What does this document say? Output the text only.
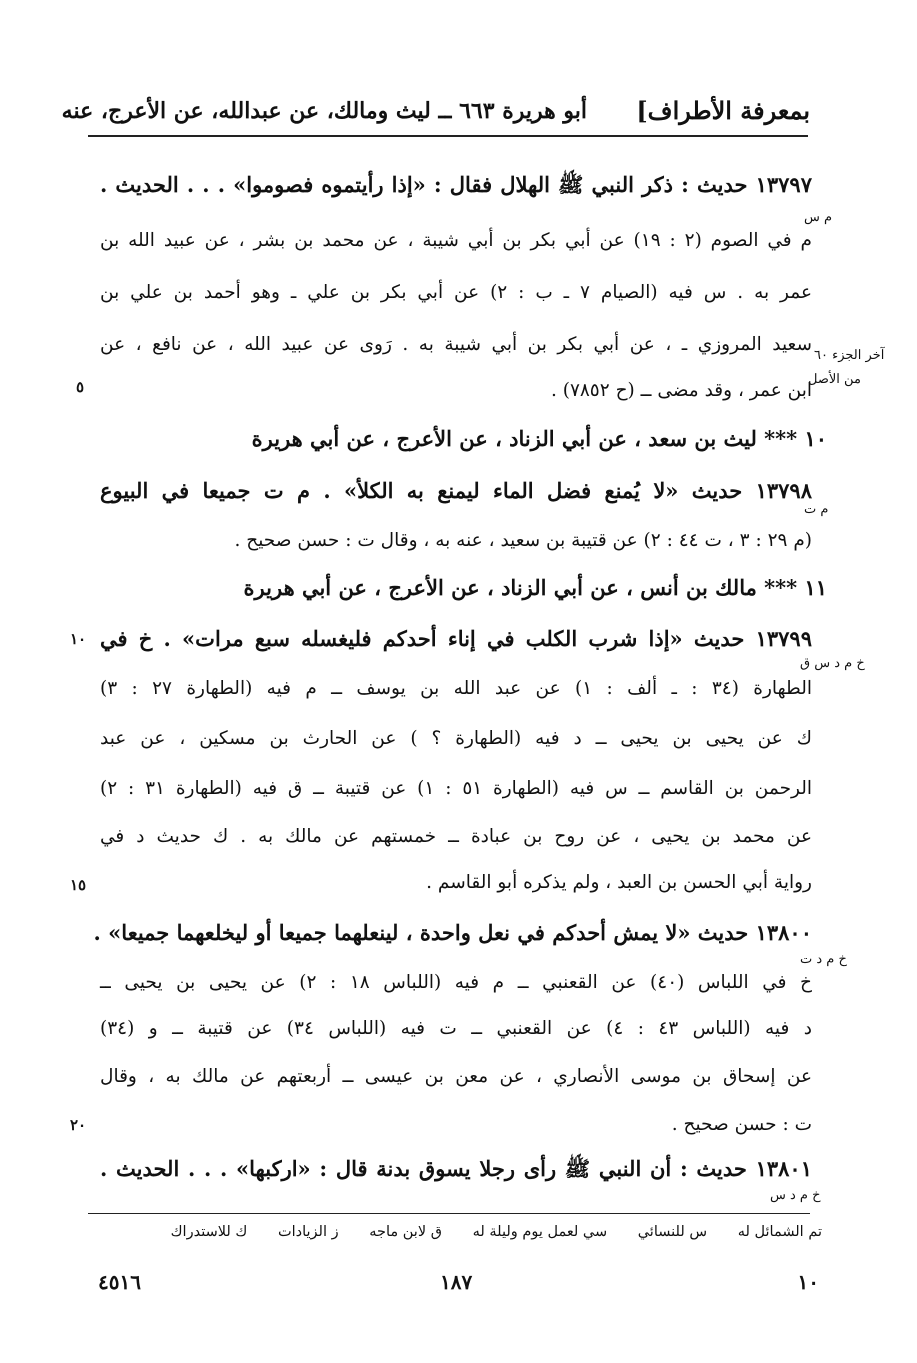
بمعرفة الأطراف]
أبو هريرة ٦٦٣ ــ ليث ومالك، عن عبدالله، عن الأعرج، عنه
١٣٧٩٧ حديث : ذكر النبي ﷺ الهلال فقال : «إذا رأيتموه فصوموا» . . . الحديث .
م في الصوم (٢ : ١٩) عن أبي بكر بن أبي شيبة ، عن محمد بن بشر ، عن عبيد الله بن
عمر به . س فيه (الصيام ٧ ـ ب : ٢) عن أبي بكر بن علي ـ وهو أحمد بن علي بن
سعيد المروزي ـ ، عن أبي بكر بن أبي شيبة به . رَوى عن عبيد الله ، عن نافع ، عن
ابن عمر ، وقد مضى ــ (ح ٧٨٥٢) .
١٠ *** ليث بن سعد ، عن أبي الزناد ، عن الأعرج ، عن أبي هريرة
١٣٧٩٨ حديث «لا يُمنع فضل الماء ليمنع به الكلأ» . م ت جميعا في البيوع
(م ٢٩ : ٣ ، ت ٤٤ : ٢) عن قتيبة بن سعيد ، عنه به ، وقال ت : حسن صحيح .
١١ *** مالك بن أنس ، عن أبي الزناد ، عن الأعرج ، عن أبي هريرة
١٣٧٩٩ حديث «إذا شرب الكلب في إناء أحدكم فليغسله سبع مرات» . خ في
الطهارة (٣٤ : ـ ألف : ١) عن عبد الله بن يوسف ــ م فيه (الطهارة ٢٧ : ٣)
ك عن يحيى بن يحيى ــ د فيه (الطهارة ؟ ) عن الحارث بن مسكين ، عن عبد
الرحمن بن القاسم ــ س فيه (الطهارة ٥١ : ١) عن قتيبة ــ ق فيه (الطهارة ٣١ : ٢)
عن محمد بن يحيى ، عن روح بن عبادة ــ خمستهم عن مالك به . ك حديث د في
رواية أبي الحسن بن العبد ، ولم يذكره أبو القاسم .
١٣٨٠٠ حديث «لا يمش أحدكم في نعل واحدة ، لينعلهما جميعا أو ليخلعهما جميعا» .
خ في اللباس (٤٠) عن القعنبي ــ م فيه (اللباس ١٨ : ٢) عن يحيى بن يحيى ــ
د فيه (اللباس ٤٣ : ٤) عن القعنبي ــ ت فيه (اللباس ٣٤) عن قتيبة ــ و (٣٤)
عن إسحاق بن موسى الأنصاري ، عن معن بن عيسى ــ أربعتهم عن مالك به ، وقال
ت : حسن صحيح .
١٣٨٠١ حديث : أن النبي ﷺ رأى رجلا يسوق بدنة قال : «اركبها» . . . الحديث .
م س
آخر الجزء ٦٠
من الأصل
م ت
خ م د س ق
خ م د ت
خ م د س
٥
١٠
١٥
٢٠
تم الشمائل له س للنسائي سي لعمل يوم وليلة له ق لابن ماجه ز الزيادات ك للاستدراك
١٠
١٨٧
٤٥١٦
